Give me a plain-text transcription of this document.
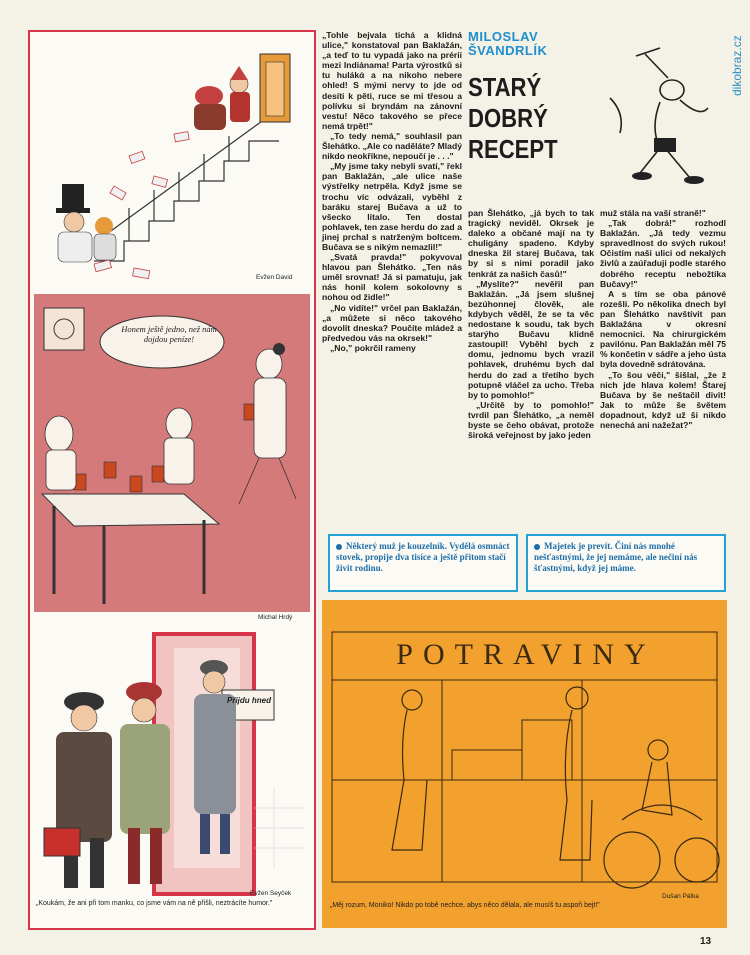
dikobraz.cz
Evžen David
Honem ještě jedno, než nám dojdou peníze!
Michal Hrdý
Přijdu hned
Evžen Seyček
„Koukám, že ani při tom manku, co jsme vám na ně přišli, neztrácíte humor."
MILOSLAV
ŠVANDRLÍK
STARÝ
DOBRÝ
RECEPT

„Tohle bejvala tichá a klidná ulice," konstatoval pan Baklažán, „a teď to tu vypadá jako na prérii mezi Indiánama! Parta výrostků si tu hulákά a na nikoho nebere ohled! S mými nervy to jde od desíti k pěti, ruce se mi třesou a polívku si bryndám na zánovní vestu! Něco takového se přece nemá trpět!"

„To tedy nemá," souhlasil pan Šlehátko. „Ale co naděláte? Mladý nikdo neokřikne, nepoučí je . . ."

„My jsme taky nebyli svatí," řekl pan Baklažán, „ale ulice naše výstřelky netrpěla. Když jsme se trochu víc odvázali, vyběhl z baráku starej Bučava a už to všecko lítalo. Ten dostal pohlavek, ten zase herdu do zad a jinej prchal s natrženým boltcem. Bučava se s nikým nemazlil!"

„Svatá pravda!" pokyvoval hlavou pan Šlehátko. „Ten nás uměl srovnat! Já si pamatuju, jak nás honil kolem sokolovny s nohou od židle!"

„No vidíte!" vrčel pan Baklažán, „a můžete si něco takového dovolit dneska? Poučíte mládež a předvedou vás na okrsek!"

„No," pokrčil rameny

pan Šlehátko, „já bych to tak tragický neviděl. Okrsek je daleko a občané mají na ty chuligány spadeno. Kdyby dneska žil starej Bučava, tak by si s nimi poradil jako tenkrát za našich časů!"

„Myslíte?" nevěřil pan Baklažán. „Já jsem slušnej bezúhonnej člověk, ale kdybych věděl, že se ta věc nedostane k soudu, tak bych starýho Bučavu klidně zastoupil! Vyběhl bych z domu, jednomu bych vrazil pohlavek, druhému bych dal herdu do zad a třetího bych potupně vláčel za ucho. Třeba by to pomohlo!"

„Určitě by to pomohlo!" tvrdil pan Šlehátko, „a neměl byste se čeho obávat, protože široká veřejnost by jako jeden

muž stála na vaší straně!"

„Tak dobrá!" rozhodl Baklažán. „Já tedy vezmu spravedlnost do svých rukou! Očistím naši ulici od nekalých živlů a zaúřaduji podle starého dobrého receptu nebožtíka Bučavy!"

A s tím se oba pánové rozešli. Po několika dnech byl pan Šlehátko navštívit pan Baklažána v okresní nemocnici. Na chirurgickém pavilónu. Pan Baklažán měl 75 % končetin v sádře a jeho ústa byla dovedně sdrátována.

„To šou věči," šišlal, „že ž nich jde hlava kolem! Štarej Bučava by še neštačil divit! Jak to může še švětem dopadnout, když už ši nikdo nenechá ani nažežat?"

Některý muž je kouzelník. Vydělá osmnáct stovek, propije dva tisíce a ještě přitom stačí živit rodinu.
Majetek je prevít. Činí nás mnohé nešťastnými, že jej nemáme, ale nečiní nás šťastnými, když jej máme.
POTRAVINY
Dušan Pálka
„Měj rozum, Moniko! Nikdo po tobě nechce, abys něco dělala, ale musíš tu aspoň bejt!"
13
